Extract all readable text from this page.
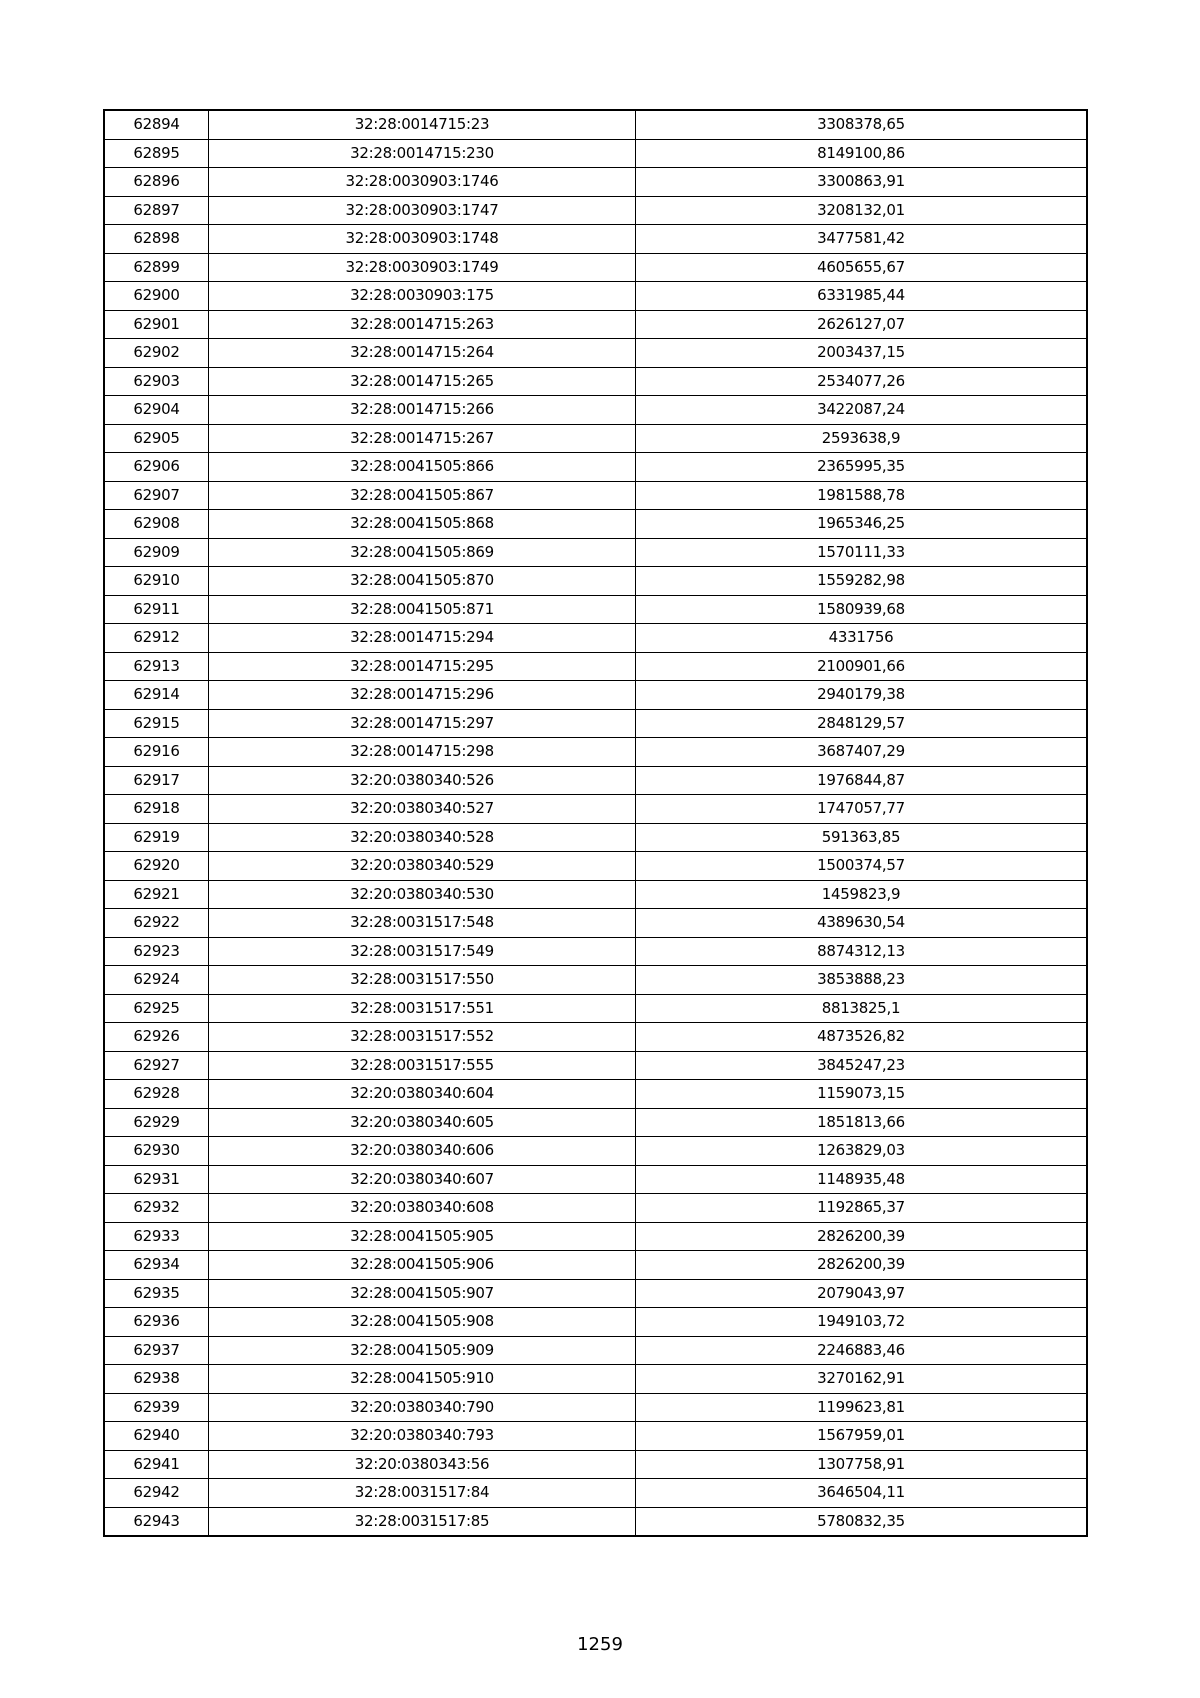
62894	32:28:0014715:23	3308378,65
62895	32:28:0014715:230	8149100,86
62896	32:28:0030903:1746	3300863,91
62897	32:28:0030903:1747	3208132,01
62898	32:28:0030903:1748	3477581,42
62899	32:28:0030903:1749	4605655,67
62900	32:28:0030903:175	6331985,44
62901	32:28:0014715:263	2626127,07
62902	32:28:0014715:264	2003437,15
62903	32:28:0014715:265	2534077,26
62904	32:28:0014715:266	3422087,24
62905	32:28:0014715:267	2593638,9
62906	32:28:0041505:866	2365995,35
62907	32:28:0041505:867	1981588,78
62908	32:28:0041505:868	1965346,25
62909	32:28:0041505:869	1570111,33
62910	32:28:0041505:870	1559282,98
62911	32:28:0041505:871	1580939,68
62912	32:28:0014715:294	4331756
62913	32:28:0014715:295	2100901,66
62914	32:28:0014715:296	2940179,38
62915	32:28:0014715:297	2848129,57
62916	32:28:0014715:298	3687407,29
62917	32:20:0380340:526	1976844,87
62918	32:20:0380340:527	1747057,77
62919	32:20:0380340:528	591363,85
62920	32:20:0380340:529	1500374,57
62921	32:20:0380340:530	1459823,9
62922	32:28:0031517:548	4389630,54
62923	32:28:0031517:549	8874312,13
62924	32:28:0031517:550	3853888,23
62925	32:28:0031517:551	8813825,1
62926	32:28:0031517:552	4873526,82
62927	32:28:0031517:555	3845247,23
62928	32:20:0380340:604	1159073,15
62929	32:20:0380340:605	1851813,66
62930	32:20:0380340:606	1263829,03
62931	32:20:0380340:607	1148935,48
62932	32:20:0380340:608	1192865,37
62933	32:28:0041505:905	2826200,39
62934	32:28:0041505:906	2826200,39
62935	32:28:0041505:907	2079043,97
62936	32:28:0041505:908	1949103,72
62937	32:28:0041505:909	2246883,46
62938	32:28:0041505:910	3270162,91
62939	32:20:0380340:790	1199623,81
62940	32:20:0380340:793	1567959,01
62941	32:20:0380343:56	1307758,91
62942	32:28:0031517:84	3646504,11
62943	32:28:0031517:85	5780832,35
1259
